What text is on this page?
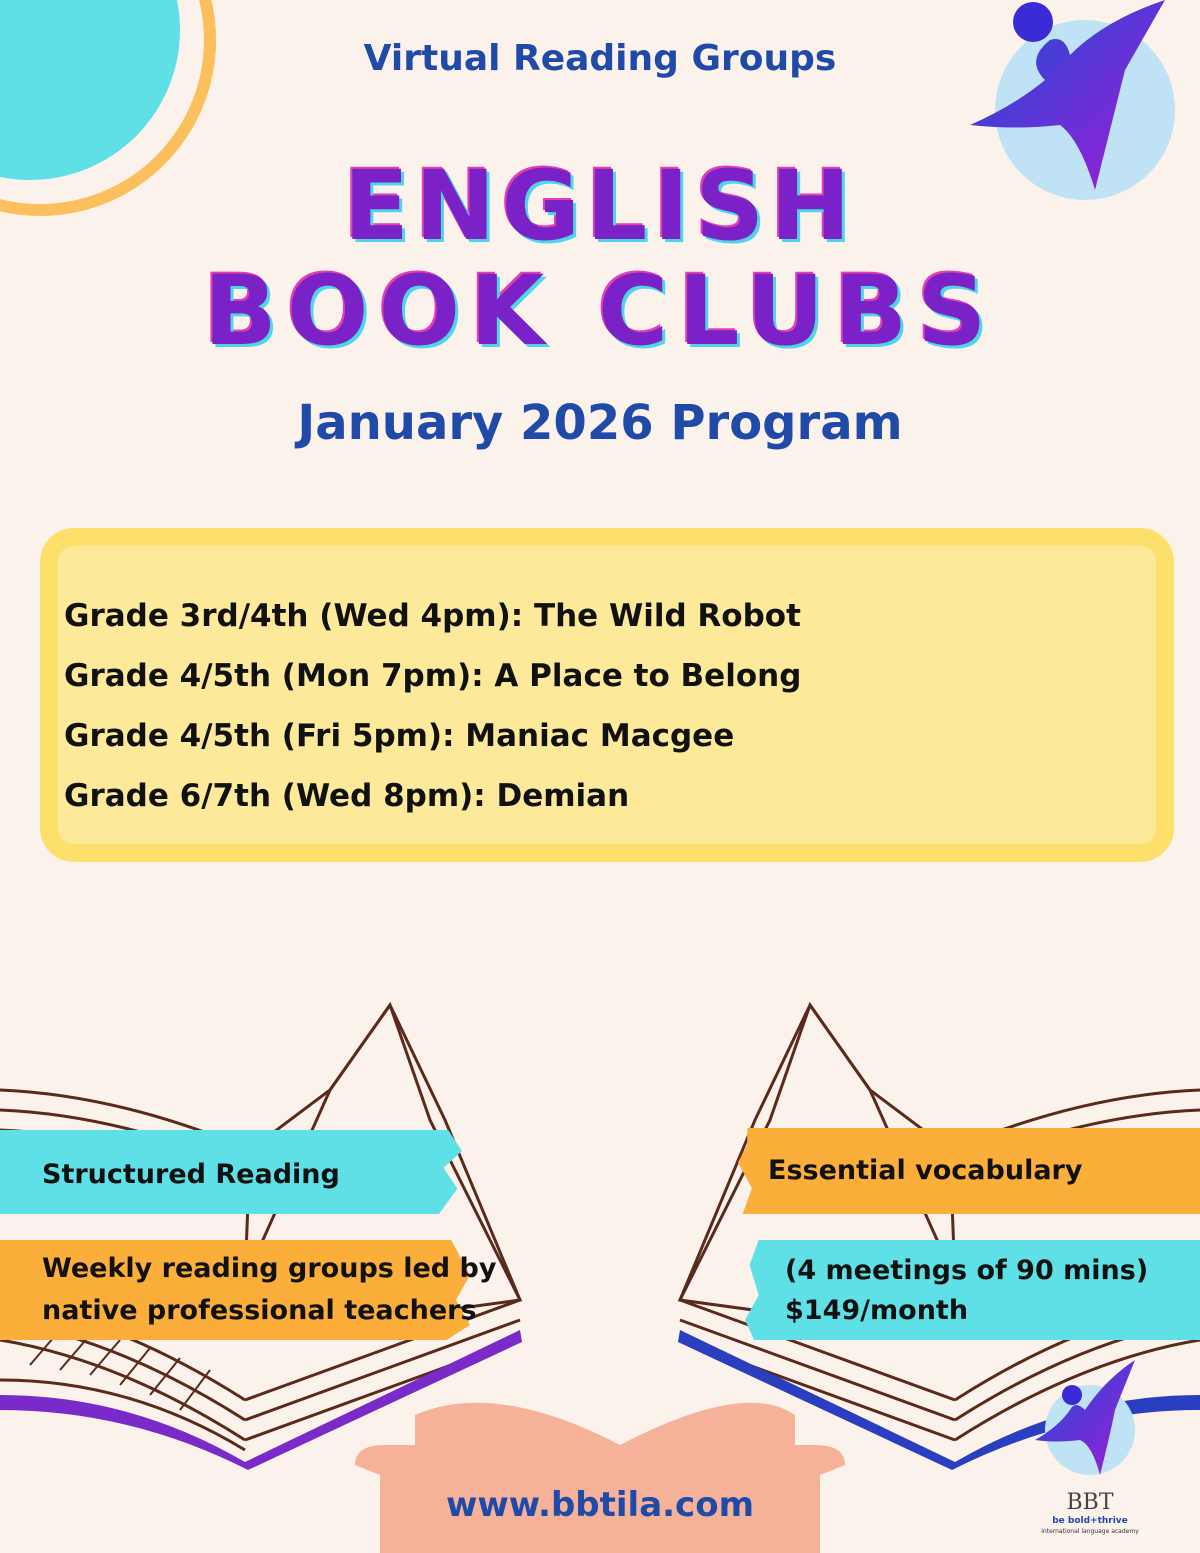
Virtual Reading Groups
ENGLISH
BOOK CLUBS
January 2026 Program
Grade 3rd/4th (Wed 4pm): The Wild Robot
Grade 4/5th (Mon 7pm): A Place to Belong
Grade 4/5th (Fri 5pm): Maniac Macgee
Grade 6/7th (Wed 8pm): Demian
Structured Reading
Weekly reading groups led by
native professional teachers
Essential vocabulary
(4 meetings of 90 mins)
$149/month
www.bbtila.com	BBT
be bold+thrive
international language academy
